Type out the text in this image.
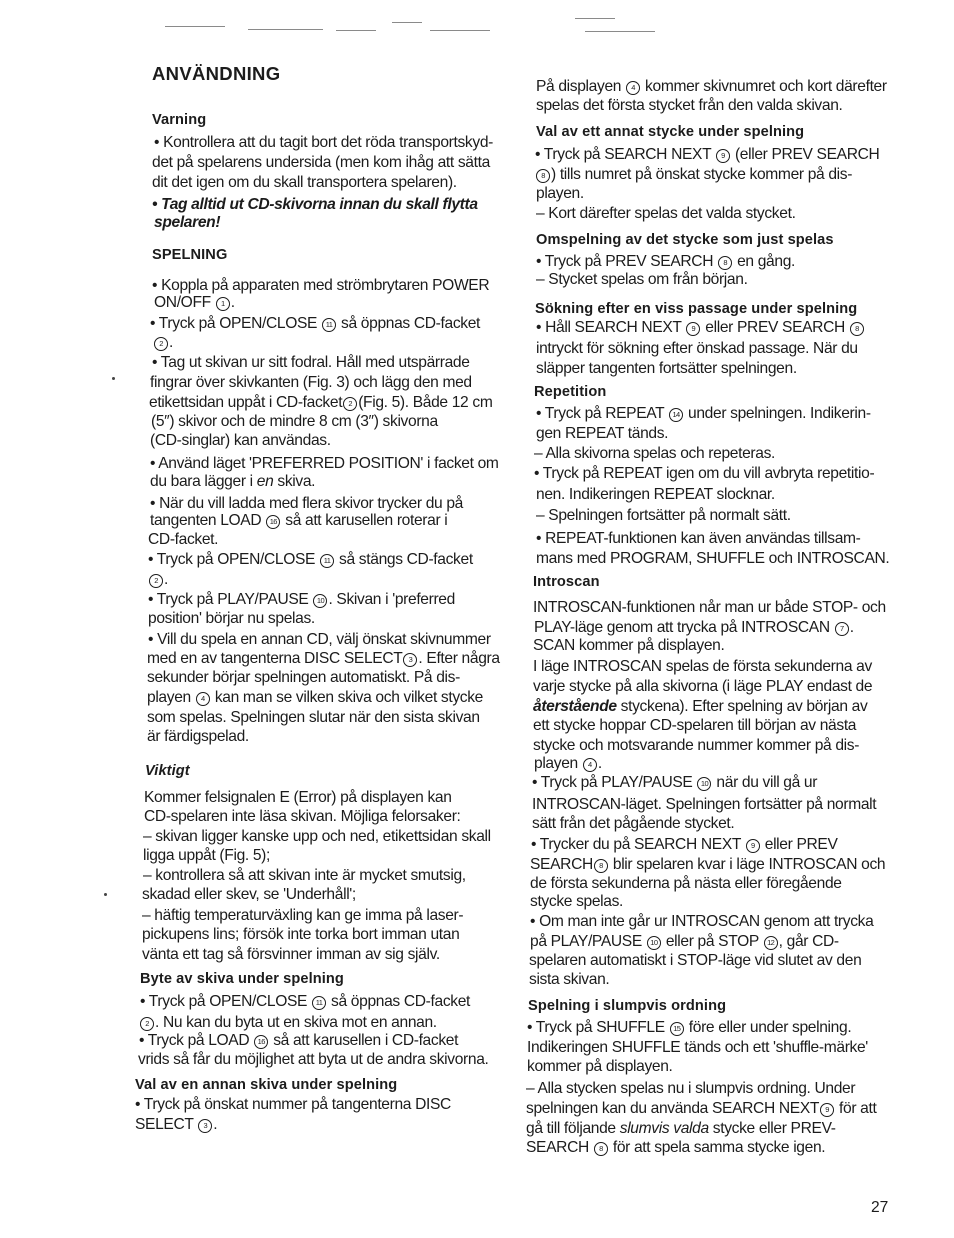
ANVÄNDNING
Varning
• Kontrollera att du tagit bort det röda transportskyd-
det på spelarens undersida (men kom ihåg att sätta
dit det igen om du skall transportera spelaren).
• Tag alltid ut CD-skivorna innan du skall flytta
spelaren!
SPELNING
• Koppla på apparaten med strömbrytaren POWER
ON/OFF 1 .
• Tryck på OPEN/CLOSE 11 så öppnas CD-facket
2 .
• Tag ut skivan ur sitt fodral. Håll med utspärrade
fingrar över skivkanten (Fig. 3) och lägg den med
etikettsidan uppåt i CD-facket 2 (Fig. 5). Både 12 cm
(5″) skivor och de mindre 8 cm (3″) skivorna
(CD-singlar) kan användas.
• Använd läget 'PREFERRED POSITION' i facket om
du bara lägger i en skiva.
• När du vill ladda med flera skivor trycker du på
tangenten LOAD 16 så att karusellen roterar i
CD-facket.
• Tryck på OPEN/CLOSE 11 så stängs CD-facket
2 .
• Tryck på PLAY/PAUSE 10 . Skivan i 'preferred
position' börjar nu spelas.
• Vill du spela en annan CD, välj önskat skivnummer
med en av tangenterna DISC SELECT 3 . Efter några
sekunder börjar spelningen automatiskt. På dis-
playen 4 kan man se vilken skiva och vilket stycke
som spelas. Spelningen slutar när den sista skivan
är färdigspelad.
Viktigt
Kommer felsignalen E (Error) på displayen kan
CD-spelaren inte läsa skivan. Möjliga felorsaker:
– skivan ligger kanske upp och ned, etikettsidan skall
ligga uppåt (Fig. 5);
– kontrollera så att skivan inte är mycket smutsig,
skadad eller skev, se 'Underhåll';
– häftig temperaturväxling kan ge imma på laser-
pickupens lins; försök inte torka bort imman utan
vänta ett tag så försvinner imman av sig själv.
Byte av skiva under spelning
• Tryck på OPEN/CLOSE 11 så öppnas CD-facket
2 . Nu kan du byta ut en skiva mot en annan.
• Tryck på LOAD 16 så att karusellen i CD-facket
vrids så får du möjlighet att byta ut de andra skivorna.
Val av en annan skiva under spelning
• Tryck på önskat nummer på tangenterna DISC
SELECT 3 .
På displayen 4 kommer skivnumret och kort därefter
spelas det första stycket från den valda skivan.
Val av ett annat stycke under spelning
• Tryck på SEARCH NEXT 9 (eller PREV SEARCH
8 ) tills numret på önskat stycke kommer på dis-
playen.
– Kort därefter spelas det valda stycket.
Omspelning av det stycke som just spelas
• Tryck på PREV SEARCH 8 en gång.
– Stycket spelas om från början.
Sökning efter en viss passage under spelning
• Håll SEARCH NEXT 9 eller PREV SEARCH 8
intryckt för sökning efter önskad passage. När du
släpper tangenten fortsätter spelningen.
Repetition
• Tryck på REPEAT 14 under spelningen. Indikerin-
gen REPEAT tänds.
– Alla skivorna spelas och repeteras.
• Tryck på REPEAT igen om du vill avbryta repetitio-
nen. Indikeringen REPEAT slocknar.
– Spelningen fortsätter på normalt sätt.
• REPEAT-funktionen kan även användas tillsam-
mans med PROGRAM, SHUFFLE och INTROSCAN.
Introscan
INTROSCAN-funktionen når man ur både STOP- och
PLAY-läge genom att trycka på INTROSCAN 7 .
SCAN kommer på displayen.
I läge INTROSCAN spelas de första sekunderna av
varje stycke på alla skivorna (i läge PLAY endast de
återstående styckena). Efter spelning av början av
ett stycke hoppar CD-spelaren till början av nästa
stycke och motsvarande nummer kommer på dis-
playen 4 .
• Tryck på PLAY/PAUSE 10 när du vill gå ur
INTROSCAN-läget. Spelningen fortsätter på normalt
sätt från det pågående stycket.
• Trycker du på SEARCH NEXT 9 eller PREV
SEARCH 8 blir spelaren kvar i läge INTROSCAN och
de första sekunderna på nästa eller föregående
stycke spelas.
• Om man inte går ur INTROSCAN genom att trycka
på PLAY/PAUSE 10 eller på STOP 12 , går CD-
spelaren automatiskt i STOP-läge vid slutet av den
sista skivan.
Spelning i slumpvis ordning
• Tryck på SHUFFLE 15 före eller under spelning.
Indikeringen SHUFFLE tänds och ett 'shuffle-märke'
kommer på displayen.
– Alla stycken spelas nu i slumpvis ordning. Under
spelningen kan du använda SEARCH NEXT 9 för att
gå till följande slumvis valda stycke eller PREV-
SEARCH 8 för att spela samma stycke igen.
27
